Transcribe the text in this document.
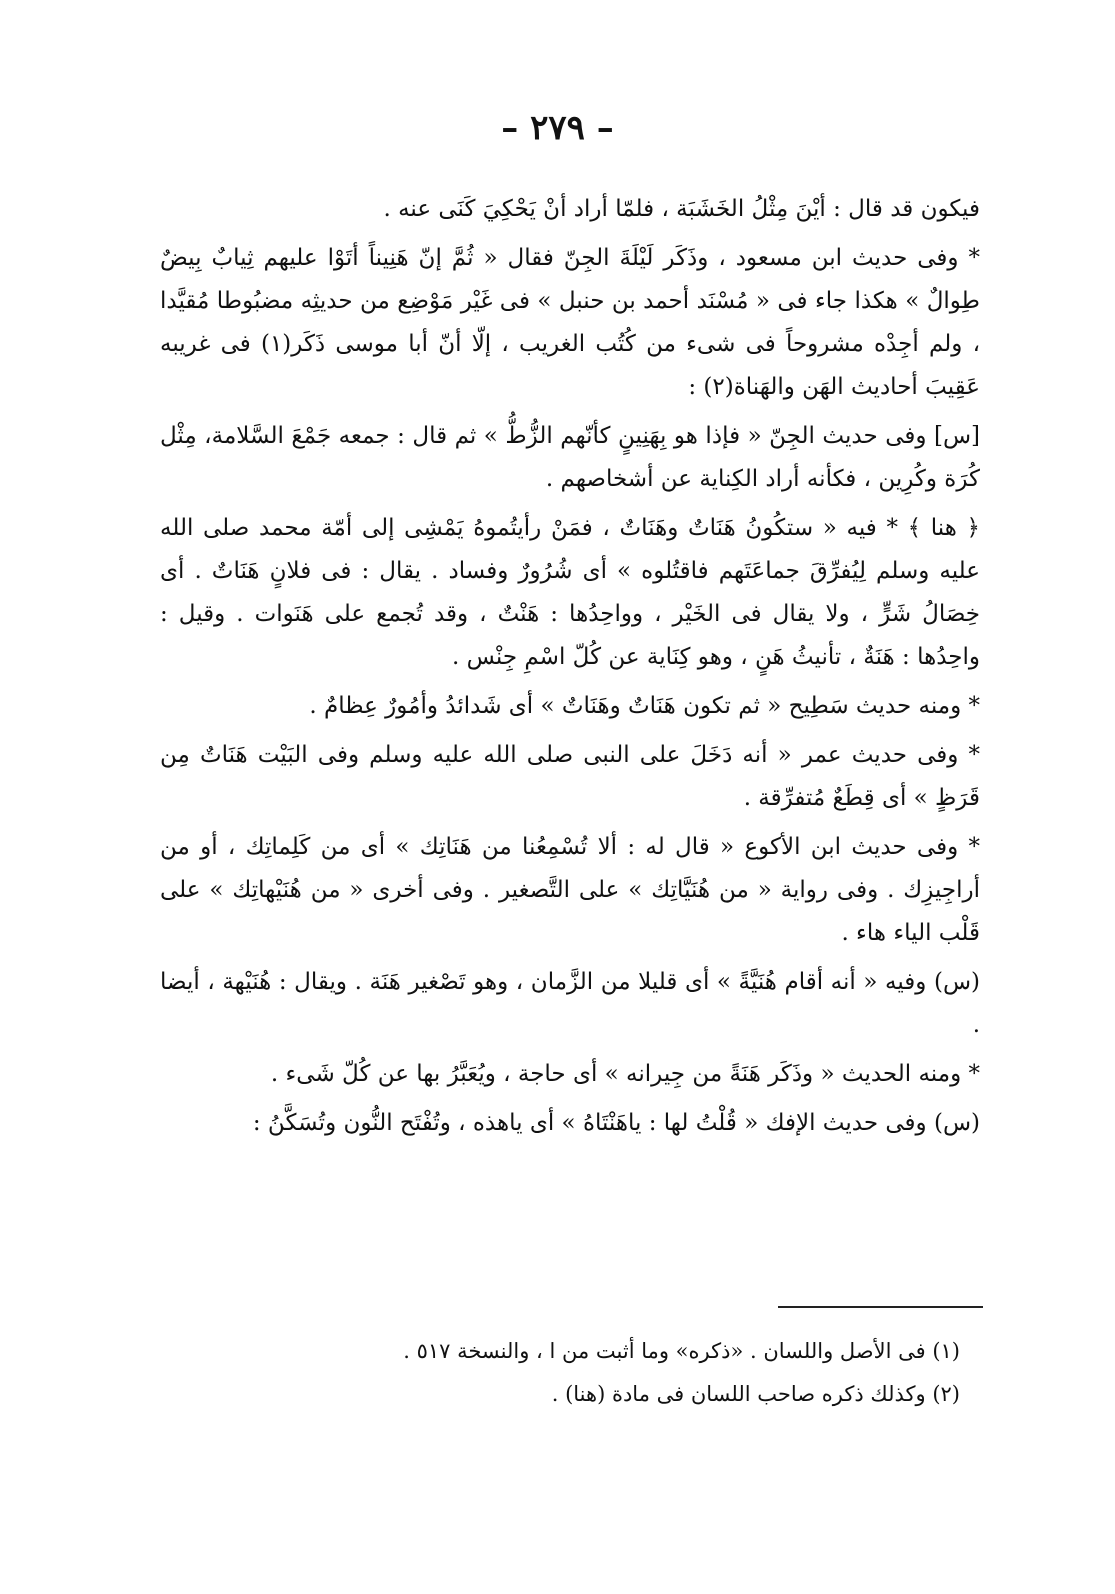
– ٢٧٩ –

فيكون قد قال : أيْنَ مِثْلُ الخَشَبَة ، فلمّا أراد أنْ يَحْكِيَ كَنَى عنه .

* وفى حديث ابن مسعود ، وذَكَر لَيْلَةَ الجِنّ فقال « ثُمَّ إنّ هَنِيناً أتَوْا عليهم ثِيابٌ بِيضٌ طِوالٌ » هكذا جاء فى « مُسْنَد أحمد بن حنبل » فى غَيْر مَوْضِع من حديثِه مضبُوطا مُقيَّدا ، ولم أجِدْه مشروحاً فى شىء من كُتُب الغريب ، إلّا أنّ أبا موسى ذَكَر(١) فى غريبه عَقِيبَ أحاديث الهَن والهَناة(٢) :

[س] وفى حديث الجِنّ « فإذا هو بِهَنِينٍ كأنّهم الزُّطُّ » ثم قال : جمعه جَمْعَ السَّلامة، مِثْل كُرَة وكُرِين ، فكأنه أراد الكِناية عن أشخاصهم .

﴿ هنا ﴾ * فيه « ستكُونُ هَنَاتٌ وهَنَاتٌ ، فمَنْ رأيتُموهُ يَمْشِى إلى أمّة محمد صلى الله عليه وسلم لِيُفرِّقَ جماعَتَهم فاقتُلوه » أى شُرُورٌ وفساد . يقال : فى فلانٍ هَنَاتٌ . أى خِصَالُ شَرٍّ ، ولا يقال فى الخَيْر ، وواحِدُها : هَنْتٌ ، وقد تُجمع على هَنَوات . وقيل : واحِدُها : هَنَةٌ ، تأنيثُ هَنٍ ، وهو كِنَاية عن كُلّ اسْمِ جِنْس .

* ومنه حديث سَطِيح « ثم تكون هَنَاتٌ وهَنَاتٌ » أى شَدائدُ وأمُورٌ عِظامٌ .

* وفى حديث عمر « أنه دَخَلَ على النبى صلى الله عليه وسلم وفى البَيْت هَنَاتٌ مِن قَرَظٍ » أى قِطَعٌ مُتفرِّقة .

* وفى حديث ابن الأكوع « قال له : ألا تُسْمِعُنا من هَنَاتِك » أى من كَلِماتِك ، أو من أراجِيزِك . وفى رواية « من هُنَيَّاتِك » على التَّصغير . وفى أخرى « من هُنَيْهاتِك » على قَلْب الياء هاء .

(س) وفيه « أنه أقام هُنَيَّةً » أى قليلا من الزَّمان ، وهو تَصْغير هَنَة . ويقال : هُنَيْهة ، أيضا .

* ومنه الحديث « وذَكَر هَنَةً من جِيرانه » أى حاجة ، ويُعَبَّرُ بها عن كُلّ شَىء .

(س) وفى حديث الإفك « قُلْتُ لها : ياهَنْتَاهُ » أى ياهذه ، وتُفْتَح النُّون وتُسَكَّنُ :

(١) فى الأصل واللسان . «ذكره» وما أثبت من ا ، والنسخة ٥١٧ .

(٢) وكذلك ذكره صاحب اللسان فى مادة (هنا) .
